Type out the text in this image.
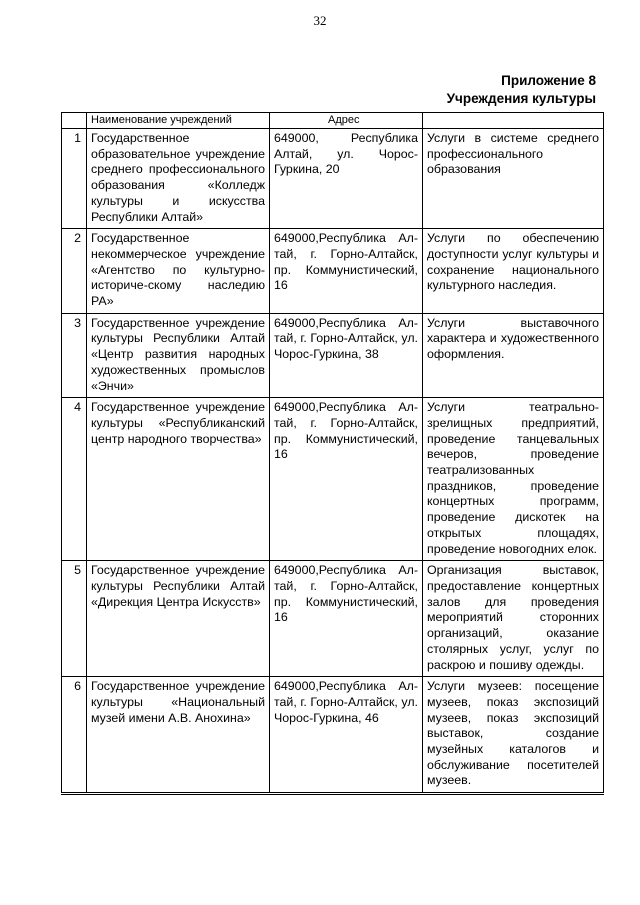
32
Приложение 8
Учреждения культуры
	Наименование учреждений	Адрес	
1	Государственное образовательное учреждение среднего профессионального образования «Колледж культуры и искусства Республики Алтай»	649000, Республика Алтай, ул. Чорос-Гуркина, 20	Услуги в системе среднего профессионального образования
2	Государственное некоммерческое учреждение «Агентство по культурно-историче-скому наследию РА»	649000,Республика Ал- тай, г. Горно-Алтайск, пр. Коммунистический, 16	Услуги по обеспечению доступности услуг культуры и сохранение национального культурного наследия.
3	Государственное учреждение культуры Республики Алтай «Центр развития народных художественных промыслов «Энчи»	649000,Республика Ал- тай, г. Горно-Алтайск, ул. Чорос-Гуркина, 38	Услуги выставочного характера и художественного оформления.
4	Государственное учреждение культуры «Республиканский центр народного творчества»	649000,Республика Ал- тай, г. Горно-Алтайск, пр. Коммунистический, 16	Услуги театрально-зрелищных предприятий, проведение танцевальных вечеров, проведение театрализованных праздников, проведение концертных программ, проведение дискотек на открытых площадях, проведение новогодних елок.
5	Государственное учреждение культуры Республики Алтай «Дирекция Центра Искусств»	649000,Республика Ал- тай, г. Горно-Алтайск, пр. Коммунистический, 16	Организация выставок, предоставление концертных залов для проведения мероприятий сторонних организаций, оказание столярных услуг, услуг по раскрою и пошиву одежды.
6	Государственное учреждение культуры «Национальный музей имени А.В. Анохина»	649000,Республика Ал- тай, г. Горно-Алтайск, ул. Чорос-Гуркина, 46	Услуги музеев: посещение музеев, показ экспозиций музеев, показ экспозиций выставок, создание музейных каталогов и обслуживание посетителей музеев.
